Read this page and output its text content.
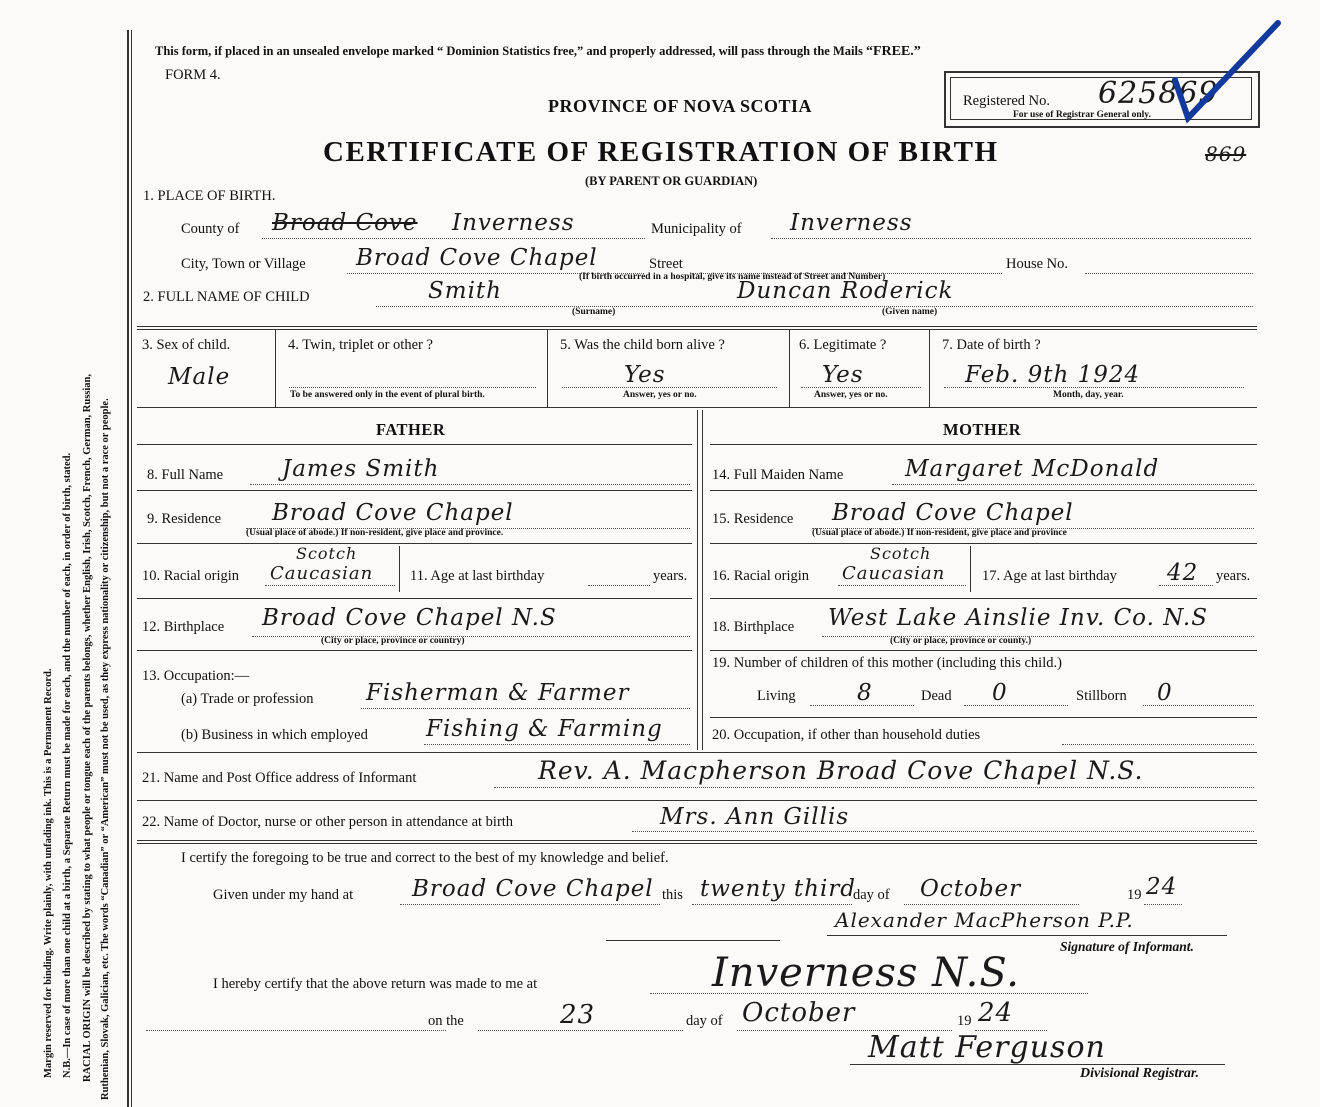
Margin reserved for binding. Write plainly, with unfading ink. This is a Permanent Record. N.B.—In case of more than one child at a birth, a Separate Return must be made for each, and the number of each, in order of birth, stated. RACIAL ORIGIN will be described by stating to what people or tongue each of the parents belongs, whether English, Irish, Scotch, French, German, Russian, Ruthenian, Slovak, Galician, etc. The words “Canadian” or “American” must not be used, as they express nationality or citizenship, but not a race or people.
This form, if placed in an unsealed envelope marked “ Dominion Statistics free,” and properly addressed, will pass through the Mails “FREE.”
FORM 4.
PROVINCE OF NOVA SCOTIA
CERTIFICATE OF REGISTRATION OF BIRTH
(BY PARENT OR GUARDIAN)
Registered No. 625869
For use of Registrar General only.
869
1. PLACE OF BIRTH.
County of Broad Cove Inverness	Municipality of Inverness
City, Town or Village Broad Cove Chapel	Street	House No.
(If birth occurred in a hospital, give its name instead of Street and Number)
2. FULL NAME OF CHILD	Smith	Duncan Roderick
(Surname)	(Given name)
3. Sex of child.
Male
4. Twin, triplet or other ?
To be answered only in the event of plural birth.
5. Was the child born alive ?
Yes
Answer, yes or no.
6. Legitimate ?
Yes
Answer, yes or no.
7. Date of birth ?
Feb. 9th 1924
Month, day, year.
FATHER	MOTHER
8. Full Name	James Smith
9. Residence Broad Cove Chapel
(Usual place of abode.) If non-resident, give place and province.
10. Racial origin
Scotch
Caucasian	11. Age at last birthday	years.
12. Birthplace Broad Cove Chapel N.S
(City or place, province or country)
13. Occupation:—
(a) Trade or profession Fisherman & Farmer
(b) Business in which employed	Fishing & Farming
14. Full Maiden Name	Margaret McDonald
15. Residence Broad Cove Chapel
(Usual place of abode.) If non-resident, give place and province
16. Racial origin
Scotch
Caucasian	17. Age at last birthday 42 years.
18. Birthplace West Lake Ainslie Inv. Co. N.S
(City or place, province or county.)
19. Number of children of this mother (including this child.)
Living	8	Dead 0	Stillborn 0
20. Occupation, if other than household duties
21. Name and Post Office address of Informant	Rev. A. Macpherson Broad Cove Chapel N.S.
22. Name of Doctor, nurse or other person in attendance at birth	Mrs. Ann Gillis
I certify the foregoing to be true and correct to the best of my knowledge and belief.
Given under my hand at	Broad Cove Chapel this twenty third
day of October	19 24
Alexander MacPherson P.P.
Signature of Informant.
I hereby certify that the above return was made to me at	Inverness N.S.
on the	23	day of October	19 24
Matt Ferguson
Divisional Registrar.
